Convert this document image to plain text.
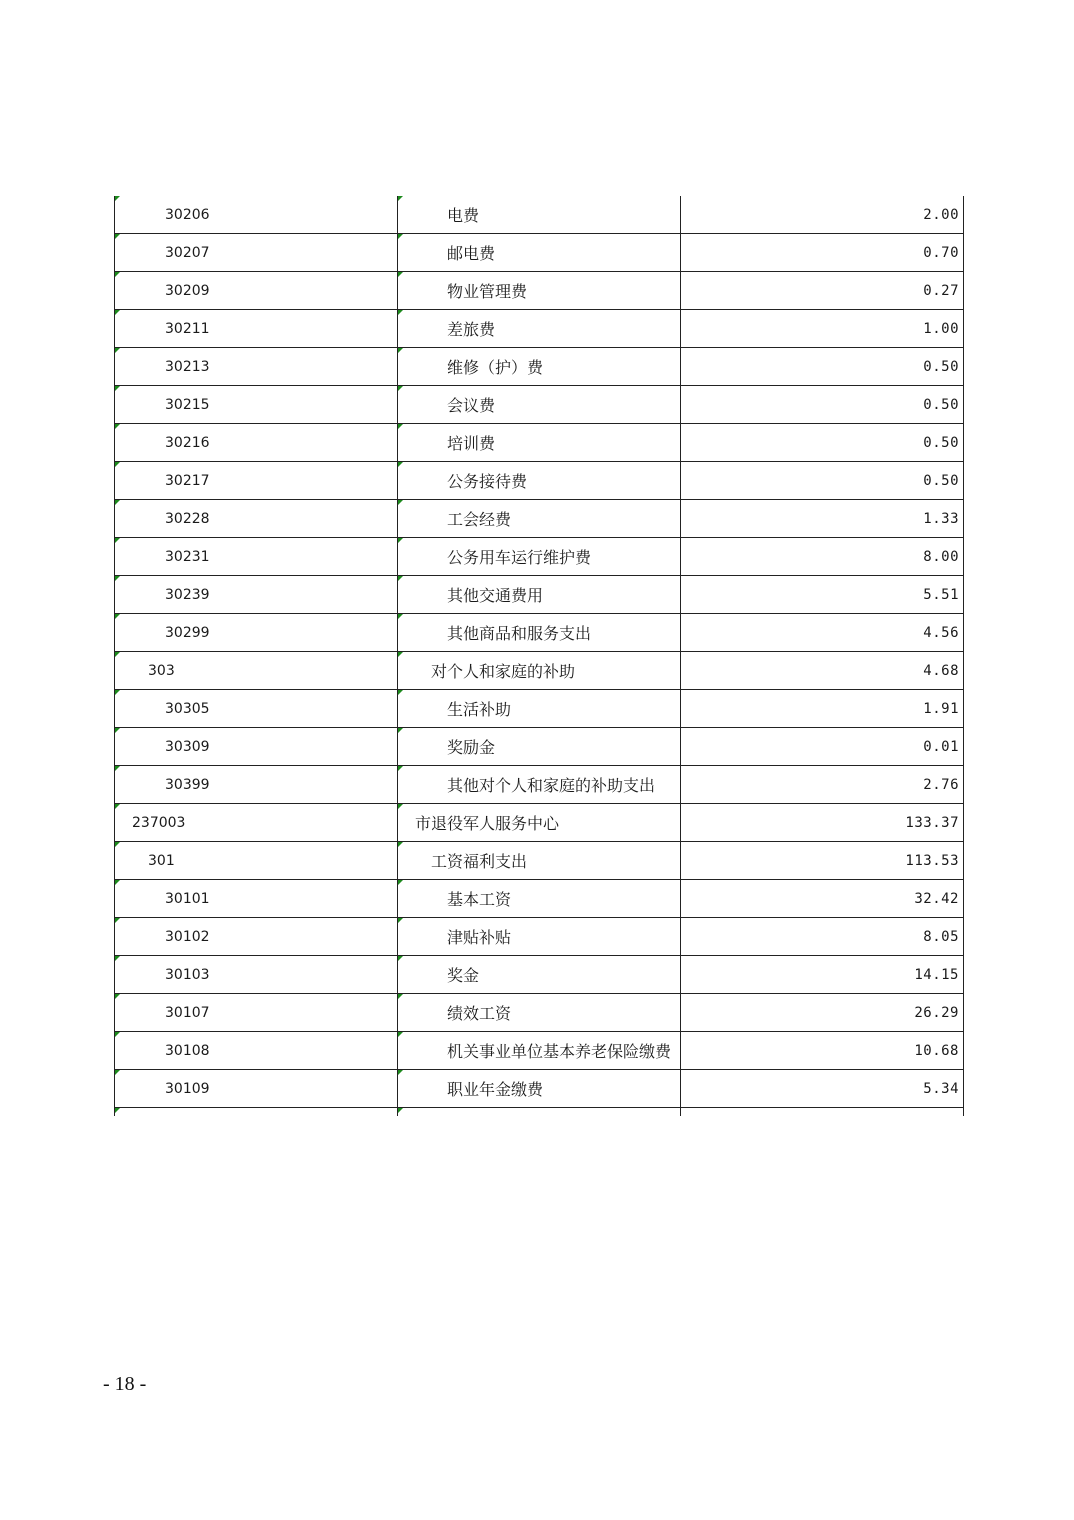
30206	电费	2.00
30207	邮电费	0.70
30209	物业管理费	0.27
30211	差旅费	1.00
30213	维修（护）费	0.50
30215	会议费	0.50
30216	培训费	0.50
30217	公务接待费	0.50
30228	工会经费	1.33
30231	公务用车运行维护费	8.00
30239	其他交通费用	5.51
30299	其他商品和服务支出	4.56
303	对个人和家庭的补助	4.68
30305	生活补助	1.91
30309	奖励金	0.01
30399	其他对个人和家庭的补助支出	2.76
237003	市退役军人服务中心	133.37
301	工资福利支出	113.53
30101	基本工资	32.42
30102	津贴补贴	8.05
30103	奖金	14.15
30107	绩效工资	26.29
30108	机关事业单位基本养老保险缴费	10.68
30109	职业年金缴费	5.34
- 18 -
